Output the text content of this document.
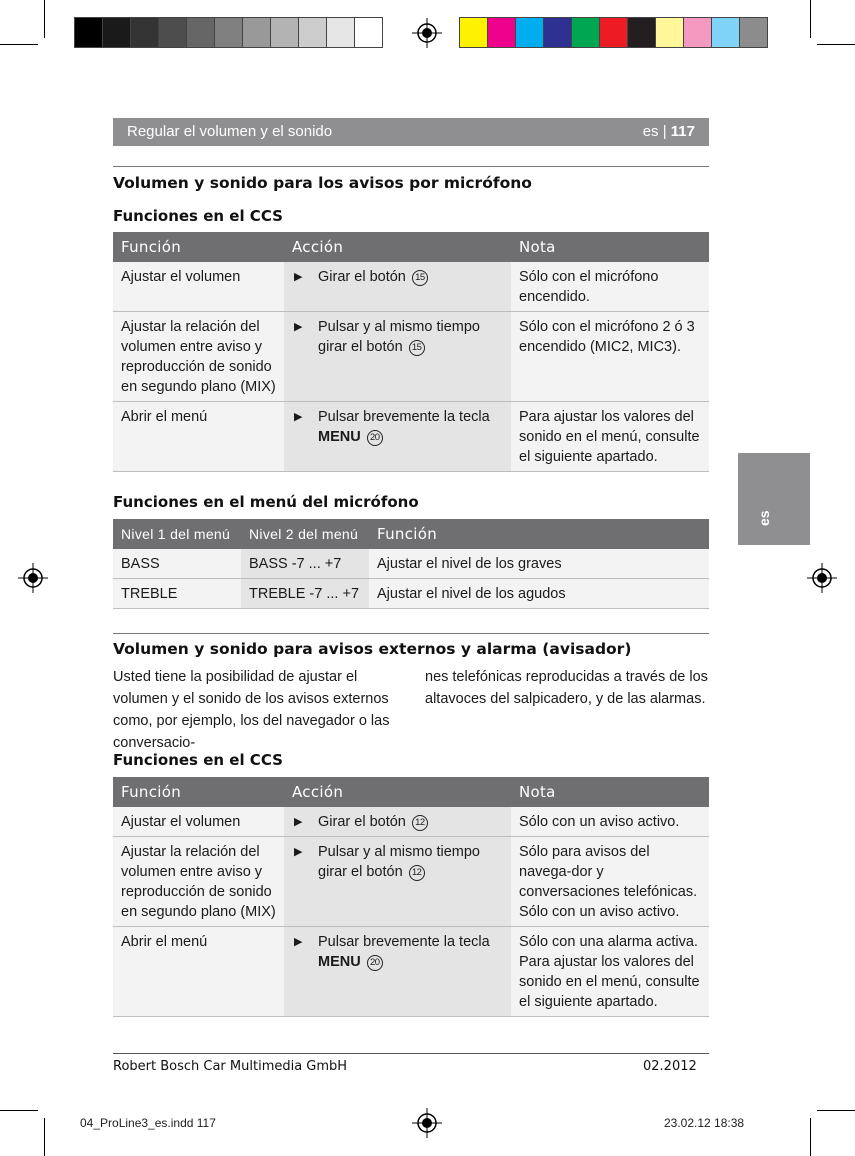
Regular el volumen y el sonido	es | 117
Volumen y sonido para los avisos por micrófono
Funciones en el CCS
Función	Acción	Nota
Ajustar el volumen	▶ Girar el botón 15	Sólo con el micrófono encendido.
Ajustar la relación del volumen entre aviso y reproducción de sonido en segundo plano (MIX)	▶ Pulsar y al mismo tiempo girar el botón 15	Sólo con el micrófono 2 ó 3 encendido (MIC2, MIC3).
Abrir el menú	▶ Pulsar brevemente la tecla MENU 20	Para ajustar los valores del sonido en el menú, consulte el siguiente apartado.
Funciones en el menú del micrófono
Nivel 1 del menú	Nivel 2 del menú	Función
BASS	BASS -7 ... +7	Ajustar el nivel de los graves
TREBLE	TREBLE -7 ... +7	Ajustar el nivel de los agudos
Volumen y sonido para avisos externos y alarma (avisador)

Usted tiene la posibilidad de ajustar el volumen y el sonido de los avisos externos como, por ejemplo, los del navegador o las conversacio-

nes telefónicas reproducidas a través de los altavoces del salpicadero, y de las alarmas.

Funciones en el CCS
Función	Acción	Nota
Ajustar el volumen	▶ Girar el botón 12	Sólo con un aviso activo.
Ajustar la relación del volumen entre aviso y reproducción de sonido en segundo plano (MIX)	▶ Pulsar y al mismo tiempo girar el botón 12	Sólo para avisos del navega-dor y conversaciones telefónicas. Sólo con un aviso activo.
Abrir el menú	▶ Pulsar brevemente la tecla MENU 20	Sólo con una alarma activa. Para ajustar los valores del sonido en el menú, consulte el siguiente apartado.
es
Robert Bosch Car Multimedia GmbH	02.2012
04_ProLine3_es.indd 117	23.02.12 18:38
